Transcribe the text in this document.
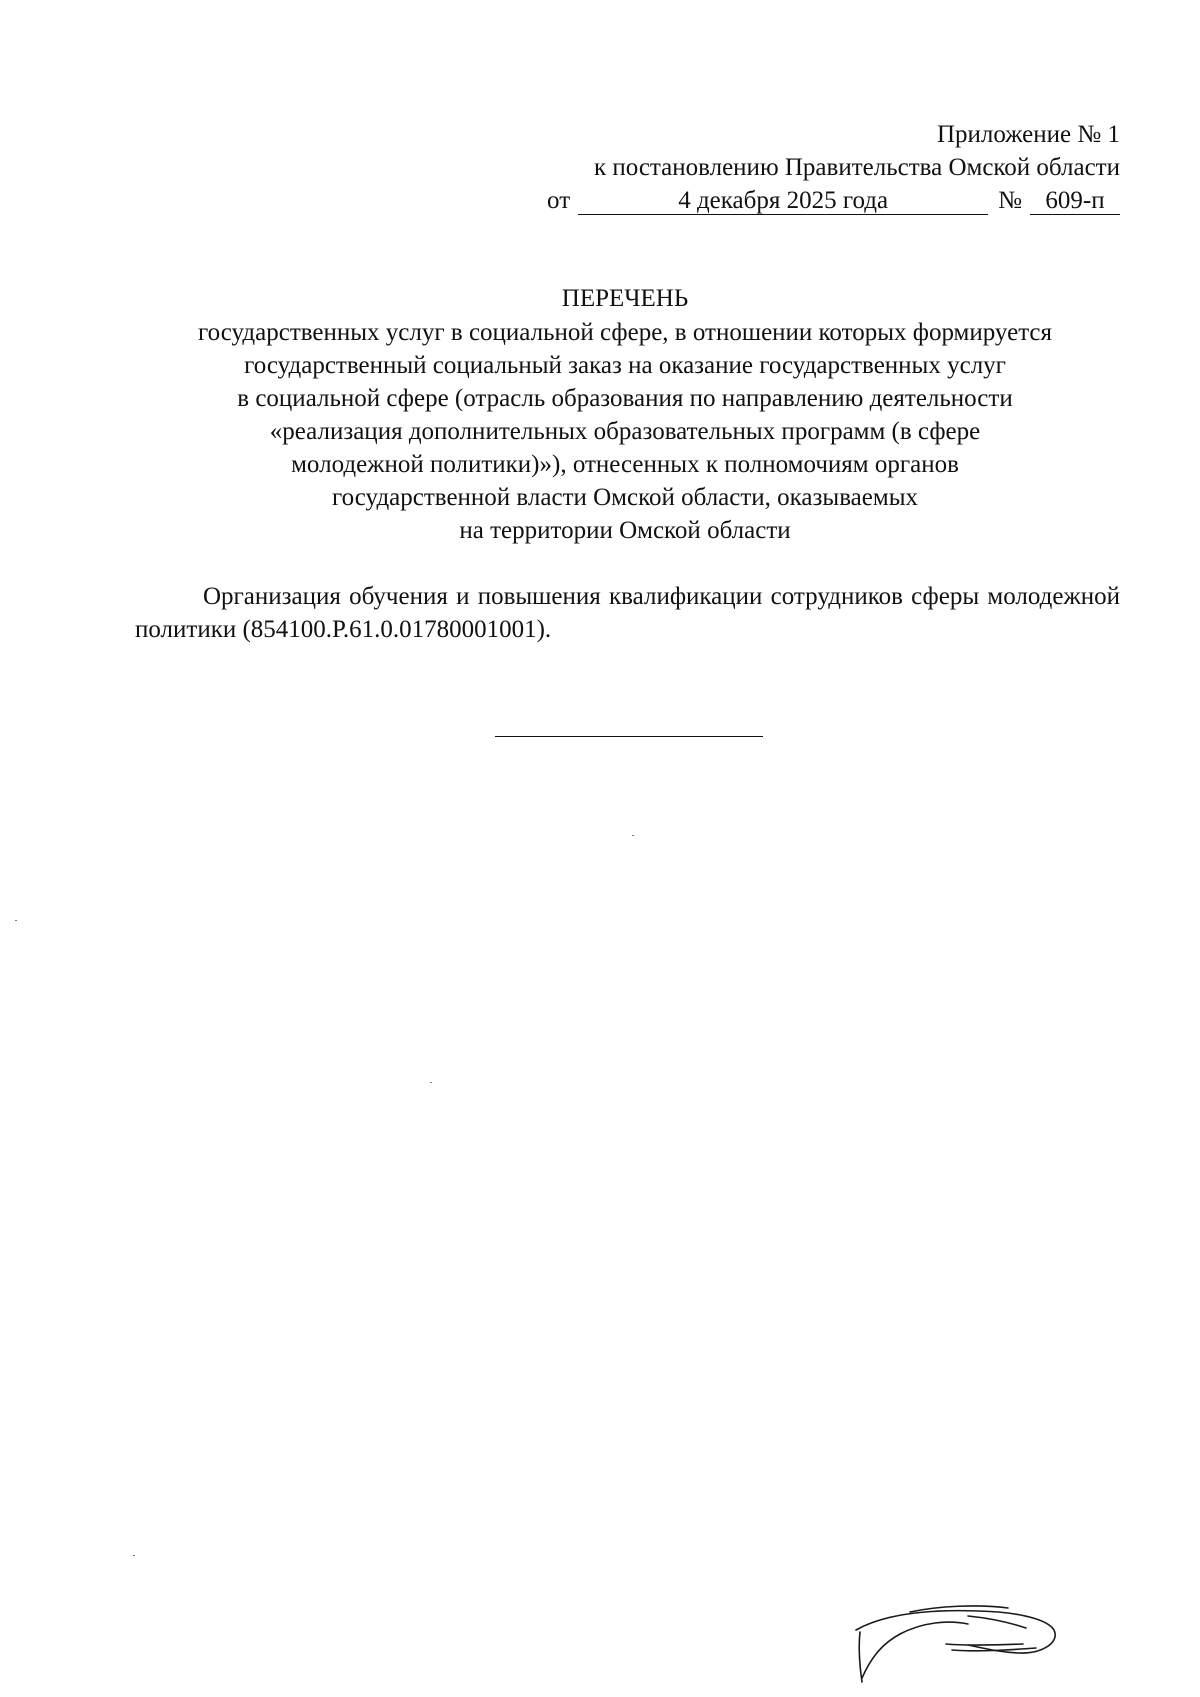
Приложение № 1
к постановлению Правительства Омской области
от	4 декабря 2025 года	№ 609-п
ПЕРЕЧЕНЬ
государственных услуг в социальной сфере, в отношении которых формируется
государственный социальный заказ на оказание государственных услуг
в социальной сфере (отрасль образования по направлению деятельности
«реализация дополнительных образовательных программ (в сфере
молодежной политики)»), отнесенных к полномочиям органов
государственной власти Омской области, оказываемых
на территории Омской области
Организация обучения и повышения квалификации сотрудников сферы молодежной политики (854100.Р.61.0.01780001001).
